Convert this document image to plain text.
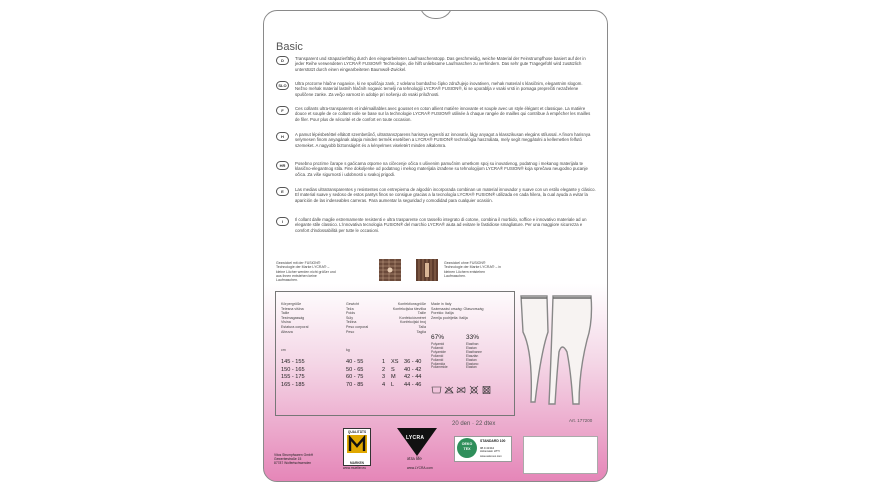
Basic
D	Transparent und strapazierfähig durch den eingearbeiteten Laufmaschenstopp. Das geschmeidig, weiche Material der Feinstrumpfhose basiert auf der in jeder Reihe verwendeten LYCRA® FUSION® Technologie, die hilft unliebsame Laufmaschen zu verhindern. Das sehr gute Tragegefühl wird zusätzlich unterstützt durch einen eingearbeiteten Baumwoll-Zwickel.
SLO	Ultra prozorne hlačne nogavice, ki ne spuščajo zank, z vdelano bombažno čipko združujejo inovativen, mehak material s klasičnim, elegantnim slogom. Nežno mehak material lastnih hlačnih nogavic temelji na tehnologiji LYCRA® FUSION®, ki se uporablja v vsaki vrsti in pomaga preprečiti nezaželene spuščene zanke. Za večjo varnost in udobje pri nošenju ob vsaki priložnosti.
F	Ces collants ultra-transparents et indémaillables avec gousset en coton allient matière innovante et souple avec un style élégant et classique. La matière douce et souple de ce collant voile se base sur la technologie LYCRA® FUSION® utilisée à chaque rangée de mailles qui contribue à empêcher les mailles de filer. Pour plus de sécurité et de confort en toute occasion.
H	A pamut lépésbetéttel ellátott szembetűnő, ultratranszparens harisnya egyesíti az innovatív, lágy anyagot a klasszikusan elegáns stílussal. A finom harisnya selymesen finom anyagának alapja minden termék esetében a LYCRA® FUSION® technológia használata, mely segít meggátolni a kellemetlen felfutó szemeket. A nagyobb biztonságért és a kényelmes viseletért minden alkalomra.
HR	Posebno prozirne čarape s gaćicama otporne na cičecenje očica s ušivenim pamučnim umetkom spoj su inovativnog, podatnog i mekanog materijala te klasično-elegantnog stila. Fine dokoljenke od podatnog i mekog materijala izrađene su tehnologijom LYCRA® FUSION® koja sprečava neugodno pucanje očica. Za više sigurnosti i udobnosti u svakoj prigodi.
E	Las medias ultratransparentes y resistentes con entrepierna de algodón incorporada combinan un material innovador y suave con un estilo elegante y clásico. El material suave y sedoso de estos pantys finos se consigue gracias a la tecnología LYCRA® FUSION® utilizada en cada hilera, la cual ayuda a evitar la aparición de las indeseables carreras. Para aumentar la seguridad y comodidad para cualquier ocasión.
I	Il collant dalle maglie estremamente resistenti e ultra trasparente con tassello integrato di cotone, combina il morbido, soffice e innovativo materiale ad un elegante stile classico. L'innovativa tecnologia FUSION® del marchio LYCRA® aiuta ad evitare le fastidiose smagliature. Per una maggiore sicurezza e comfort d'indossabilità per tutte le occasioni.
Gezwickel mit der FUSION® Technologie der Marke LYCRA® – kleine Löcher werden nicht größer und aus ihnen entstehen keine Laufmaschen.
Gezwickel ohne FUSION® Technologie der Marke LYCRA® – in kleinen Löchern entstehen Laufmaschen.
Körpergröße
Telesna višina
Taille
Testmagasság
Visina
Estatura corporal
Altezza
Gewicht
Teža
Poids
Súly
Težina
Peso corporal
Peso
Konfektionsgröße
Konfekcijska številka
Taille
Konfekciósméret
Konfekcijski broj
Talla
Taglia
cm	kg
145 - 155	40 - 55	1 XS 36 - 40
150 - 165	50 - 65	2 S 40 - 42
155 - 175	60 - 75	3 M 42 - 44
165 - 185	70 - 85	4 L 44 - 46
Made in Italy
Származási ország: Olaszország
Porekio: Italija
Zemlja podrijetla: Italija
67%	33%
Polyamid
Poliamid
Polyamide
Poliamid
Poliamid
Poliamida
Poliammide
Elasthan
Elastan
Elasthanne
Elasztán
Elastan
Elastano
Elastan
20 den · 22 dtex
Art. 177200
Vitos Strumpfwaren GmbH
Gewerbestraße 15
87787 Wolfertschwenden
QUALITÄTS
MARKEN
www.mueller.eu
LYCRA
xtra life
www.LYCRA.com
OEKO
TEX
STANDARD 100
08.0.41344
Hohenstein HTTI
www.oeko-tex.com
